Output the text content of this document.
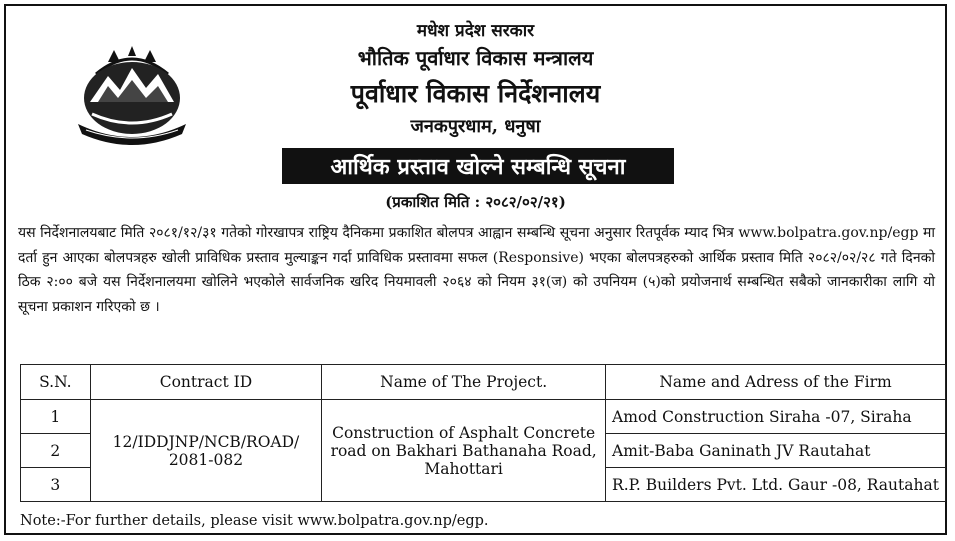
मधेश प्रदेश सरकार
भौतिक पूर्वाधार विकास मन्त्रालय
पूर्वाधार विकास निर्देशनालय
जनकपुरधाम, धनुषा
आर्थिक प्रस्ताव खोल्ने सम्बन्धि सूचना
(प्रकाशित मिति : २०८२/०२/२१)
यस निर्देशनालयबाट मिति २०८१/१२/३१ गतेको गोरखापत्र राष्ट्रिय दैनिकमा प्रकाशित बोलपत्र आह्वान सम्बन्धि सूचना अनुसार रितपूर्वक म्याद भित्र www.bolpatra.gov.np/egp मा दर्ता हुन आएका बोलपत्रहरु खोली प्राविधिक प्रस्ताव मुल्याङ्कन गर्दा प्राविधिक प्रस्तावमा सफल (Responsive) भएका बोलपत्रहरुको आर्थिक प्रस्ताव मिति २०८२/०२/२८ गते दिनको ठिक २:०० बजे यस निर्देशनालयमा खोलिने भएकोले सार्वजनिक खरिद नियमावली २०६४ को नियम ३१(ज) को उपनियम (५)को प्रयोजनार्थ सम्बन्धित सबैको जानकारीका लागि यो सूचना प्रकाशन गरिएको छ ।
S.N.	Contract ID	Name of The Project.	Name and Adress of the Firm
1	12/IDDJNP/NCB/ROAD/ 2081-082	Construction of Asphalt Concrete road on Bakhari Bathanaha Road, Mahottari	Amod Construction Siraha -07, Siraha
2			Amit-Baba Ganinath JV Rautahat
3			R.P. Builders Pvt. Ltd. Gaur -08, Rautahat
Note:-For further details, please visit www.bolpatra.gov.np/egp.
